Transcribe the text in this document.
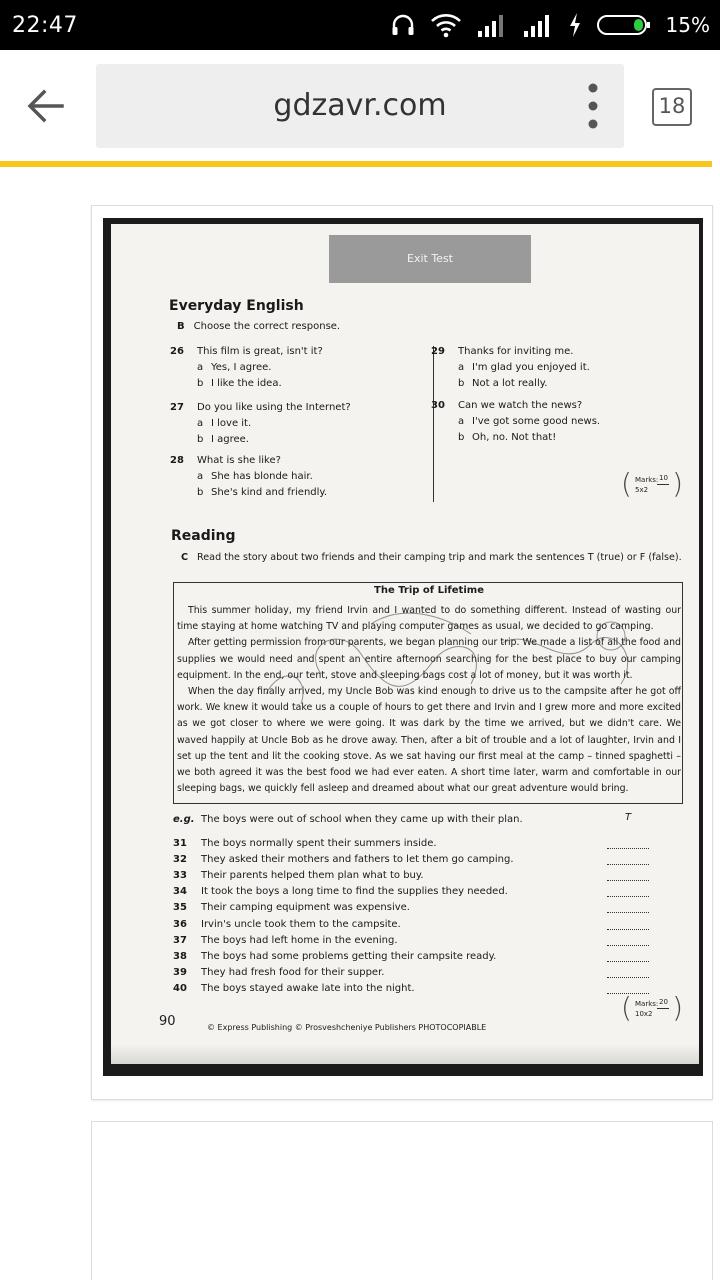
22:47	15%
gdzavr.com	18
Exit Test
Everyday English
B Choose the correct response.
26	This film is great, isn't it?
a Yes, I agree.
b I like the idea.
27	Do you like using the Internet?
a I love it.
b I agree.
28	What is she like?
a She has blonde hair.
b She's kind and friendly.
29	Thanks for inviting me.
a I'm glad you enjoyed it.
b Not a lot really.
30	Can we watch the news?
a I've got some good news.
b Oh, no. Not that!
( Marks:
5x2
10 )
Reading
C Read the story about two friends and their camping trip and mark the sentences T (true) or F (false).
The Trip of Lifetime

This summer holiday, my friend Irvin and I wanted to do something different. Instead of wasting our time staying at home watching TV and playing computer games as usual, we decided to go camping.

After getting permission from our parents, we began planning our trip. We made a list of all the food and supplies we would need and spent an entire afternoon searching for the best place to buy our camping equipment. In the end, our tent, stove and sleeping bags cost a lot of money, but it was worth it.

When the day finally arrived, my Uncle Bob was kind enough to drive us to the campsite after he got off work. We knew it would take us a couple of hours to get there and Irvin and I grew more and more excited as we got closer to where we were going. It was dark by the time we arrived, but we didn't care. We waved happily at Uncle Bob as he drove away. Then, after a bit of trouble and a lot of laughter, Irvin and I set up the tent and lit the cooking stove. As we sat having our first meal at the camp – tinned spaghetti – we both agreed it was the best food we had ever eaten. A short time later, warm and comfortable in our sleeping bags, we quickly fell asleep and dreamed about what our great adventure would bring.

e.g. The boys were out of school when they came up with their plan.	T
31 The boys normally spent their summers inside.
32 They asked their mothers and fathers to let them go camping.
33 Their parents helped them plan what to buy.
34 It took the boys a long time to find the supplies they needed.
35 Their camping equipment was expensive.
36 Irvin's uncle took them to the campsite.
37 The boys had left home in the evening.
38 The boys had some problems getting their campsite ready.
39 They had fresh food for their supper.
40 The boys stayed awake late into the night.
( Marks:
10x2
20 )
90	© Express Publishing © Prosveshcheniye Publishers PHOTOCOPIABLE
